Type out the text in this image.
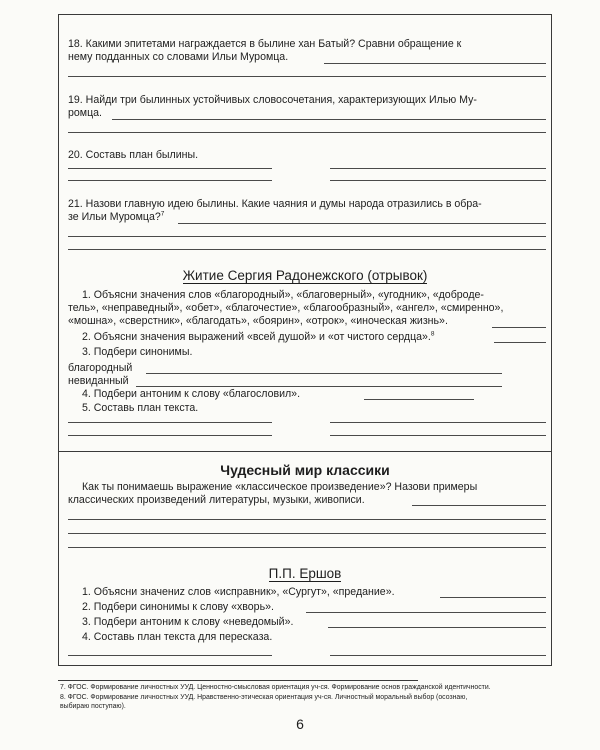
18. Какими эпитетами награждается в былине хан Батый? Сравни обращение к
нему подданных со словами Ильи Муромца.
19. Найди три былинных устойчивых словосочетания, характеризующих Илью Му-
ромца.
20. Составь план былины.
21. Назови главную идею былины. Какие чаяния и думы народа отразились в обра-
зе Ильи Муромца?$^7$
Житие Сергия Радонежского (отрывок)
1. Объясни значения слов «благородный», «благоверный», «угодник», «доброде-
тель», «неправедный», «обет», «благочестие», «благообразный», «ангел», «смиренно»,
«мошна», «сверстник», «благодать», «боярин», «отрок», «иноческая жизнь».
2. Объясни значения выражений «всей душой» и «от чистого сердца».$^8$
3. Подбери синонимы.
благородный
невиданный
4. Подбери антоним к слову «благословил».
5. Составь план текста.
Чудесный мир классики
Как ты понимаешь выражение «классическое произведение»? Назови примеры
классических произведений литературы, музыки, живописи.
П.П. Ершов
1. Объясни значениz слов «исправник», «Сургут», «предание».
2. Подбери синонимы к слову «хворь».
3. Подбери антоним к слову «неведомый».
4. Составь план текста для пересказа.
7. ФГОС. Формирование личностных УУД. Ценностно-смысловая ориентация уч-ся. Формирование основ гражданской идентичности.
8. ФГОС. Формирование личностных УУД. Нравственно-этическая ориентация уч-ся. Личностный моральный выбор (осознаю,
выбираю поступаю).
6
